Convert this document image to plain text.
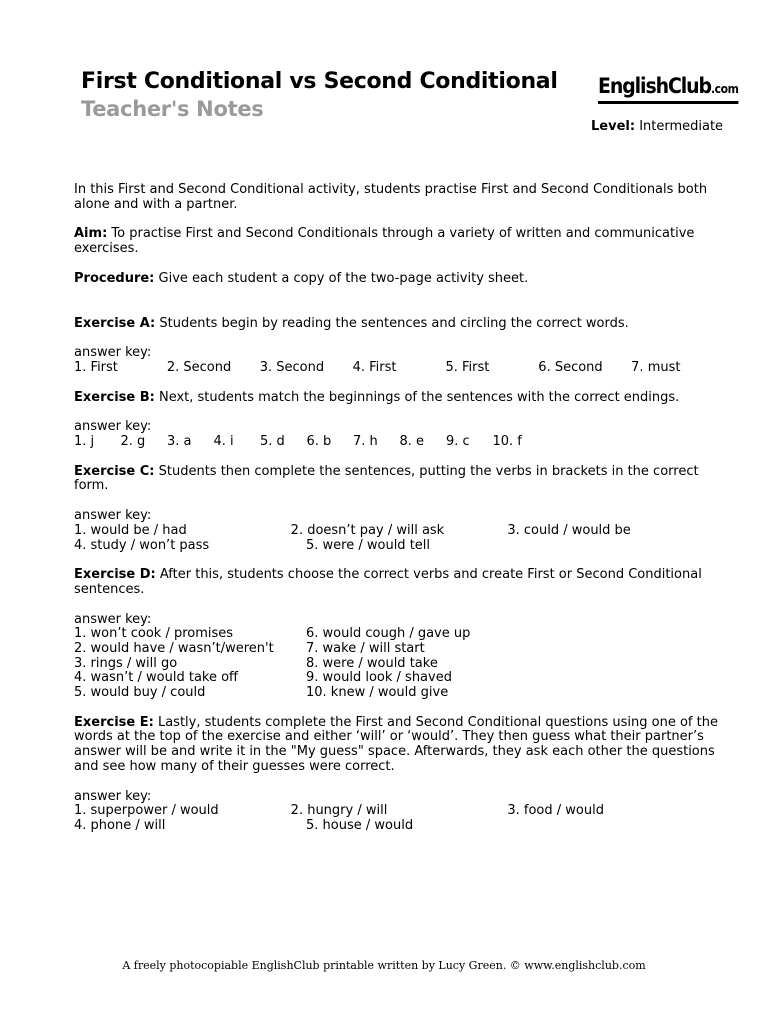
First Conditional vs Second Conditional
Teacher's Notes
EnglishClub.com
Level: Intermediate

In this First and Second Conditional activity, students practise First and Second Conditionals both alone and with a partner.

Aim: To practise First and Second Conditionals through a variety of written and communicative exercises.

Procedure: Give each student a copy of the two-page activity sheet.

Exercise A: Students begin by reading the sentences and circling the correct words.

answer key:

1. First	2. Second	3. Second	4. First	5. First	6. Second	7. must

Exercise B: Next, students match the beginnings of the sentences with the correct endings.

answer key:

1. j	2. g	3. a	4. i	5. d	6. b	7. h	8. e	9. c	10. f

Exercise C: Students then complete the sentences, putting the verbs in brackets in the correct form.

answer key:

1. would be / had	2. doesn’t pay / will ask	3. could / would be
4. study / won’t pass	5. were / would tell

Exercise D: After this, students choose the correct verbs and create First or Second Conditional sentences.

answer key:

1. won’t cook / promises	6. would cough / gave up
2. would have / wasn’t/weren't	7. wake / will start
3. rings / will go	8. were / would take
4. wasn’t / would take off	9. would look / shaved
5. would buy / could	10. knew / would give

Exercise E: Lastly, students complete the First and Second Conditional questions using one of the words at the top of the exercise and either ‘will’ or ‘would’. They then guess what their partner’s answer will be and write it in the "My guess" space. Afterwards, they ask each other the questions and see how many of their guesses were correct.

answer key:

1. superpower / would	2. hungry / will	3. food / would
4. phone / will	5. house / would
A freely photocopiable EnglishClub printable written by Lucy Green. © www.englishclub.com
